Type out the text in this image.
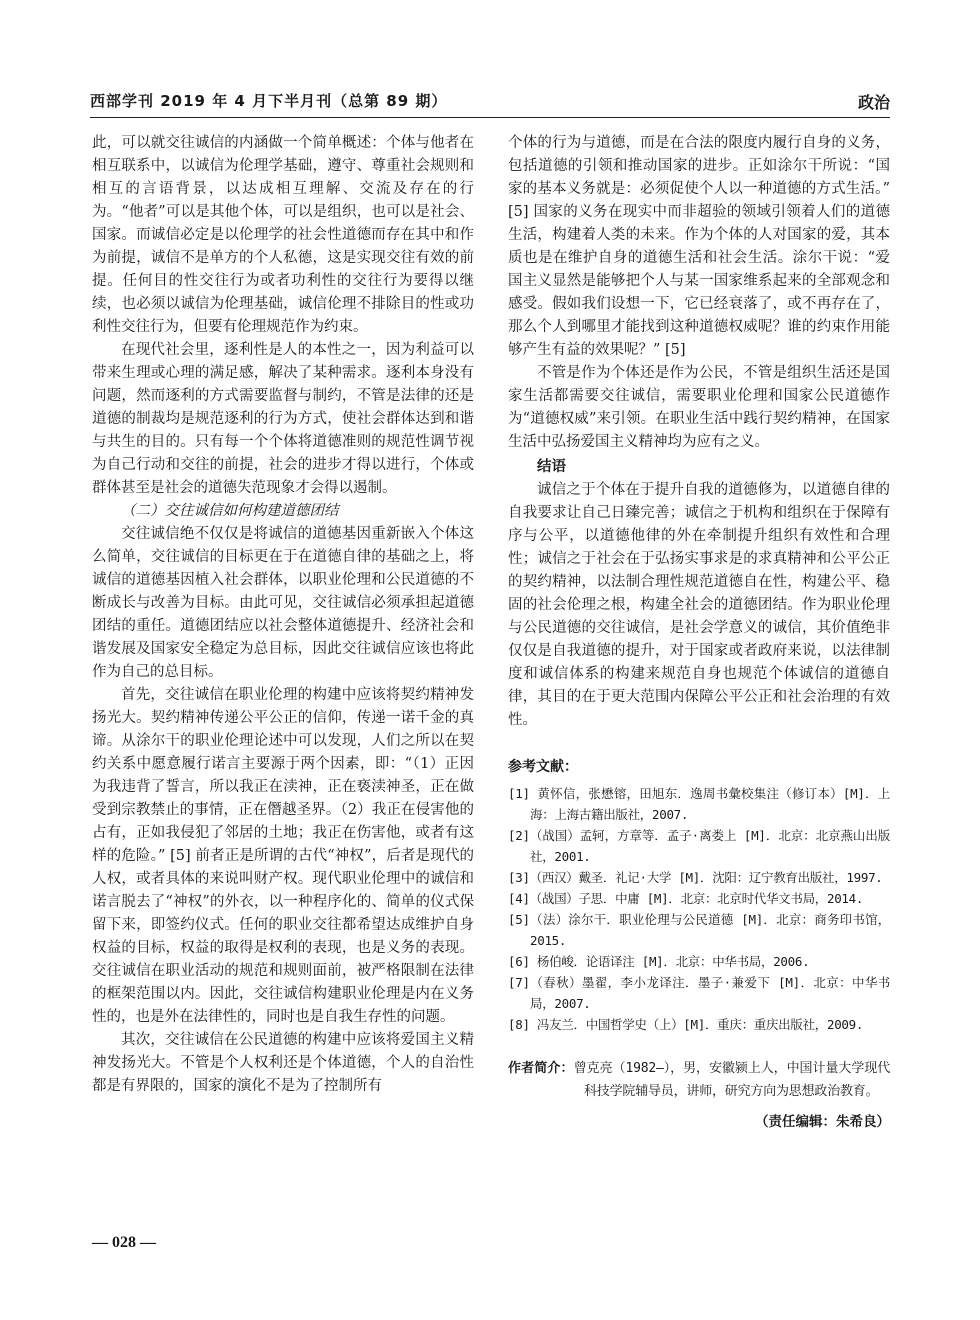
西部学刊 2019 年 4 月下半月刊（总第 89 期）	政治

此，可以就交往诚信的内涵做一个简单概述：个体与他者在相互联系中，以诚信为伦理学基础，遵守、尊重社会规则和相互的言语背景，以达成相互理解、交流及存在的行为。“他者”可以是其他个体，可以是组织，也可以是社会、国家。而诚信必定是以伦理学的社会性道德而存在其中和作为前提，诚信不是单方的个人私德，这是实现交往有效的前提。任何目的性交往行为或者功利性的交往行为要得以继续，也必须以诚信为伦理基础，诚信伦理不排除目的性或功利性交往行为，但要有伦理规范作为约束。

在现代社会里，逐利性是人的本性之一，因为利益可以带来生理或心理的满足感，解决了某种需求。逐利本身没有问题，然而逐利的方式需要监督与制约，不管是法律的还是道德的制裁均是规范逐利的行为方式，使社会群体达到和谐与共生的目的。只有每一个个体将道德准则的规范性调节视为自己行动和交往的前提，社会的进步才得以进行，个体或群体甚至是社会的道德失范现象才会得以遏制。

（二）交往诚信如何构建道德团结

交往诚信绝不仅仅是将诚信的道德基因重新嵌入个体这么简单，交往诚信的目标更在于在道德自律的基础之上，将诚信的道德基因植入社会群体，以职业伦理和公民道德的不断成长与改善为目标。由此可见，交往诚信必须承担起道德团结的重任。道德团结应以社会整体道德提升、经济社会和谐发展及国家安全稳定为总目标，因此交往诚信应该也将此作为自己的总目标。

首先，交往诚信在职业伦理的构建中应该将契约精神发扬光大。契约精神传递公平公正的信仰，传递一诺千金的真谛。从涂尔干的职业伦理论述中可以发现，人们之所以在契约关系中愿意履行诺言主要源于两个因素，即：“（1）正因为我违背了誓言，所以我正在渎神，正在亵渎神圣，正在做受到宗教禁止的事情，正在僭越圣界。（2）我正在侵害他的占有，正如我侵犯了邻居的土地；我正在伤害他，或者有这样的危险。” [5] 前者正是所谓的古代“神权”，后者是现代的人权，或者具体的来说叫财产权。现代职业伦理中的诚信和诺言脱去了“神权”的外衣，以一种程序化的、简单的仪式保留下来，即签约仪式。任何的职业交往都希望达成维护自身权益的目标，权益的取得是权利的表现，也是义务的表现。交往诚信在职业活动的规范和规则面前，被严格限制在法律的框架范围以内。因此，交往诚信构建职业伦理是内在义务性的，也是外在法律性的，同时也是自我生存性的问题。

其次，交往诚信在公民道德的构建中应该将爱国主义精神发扬光大。不管是个人权利还是个体道德，个人的自治性都是有界限的，国家的演化不是为了控制所有

个体的行为与道德，而是在合法的限度内履行自身的义务，包括道德的引领和推动国家的进步。正如涂尔干所说：“国家的基本义务就是：必须促使个人以一种道德的方式生活。” [5] 国家的义务在现实中而非超验的领域引领着人们的道德生活，构建着人类的未来。作为个体的人对国家的爱，其本质也是在维护自身的道德生活和社会生活。涂尔干说：“爱国主义显然是能够把个人与某一国家维系起来的全部观念和感受。假如我们设想一下，它已经衰落了，或不再存在了，那么个人到哪里才能找到这种道德权威呢？谁的约束作用能够产生有益的效果呢？” [5]

不管是作为个体还是作为公民，不管是组织生活还是国家生活都需要交往诚信，需要职业伦理和国家公民道德作为“道德权威”来引领。在职业生活中践行契约精神，在国家生活中弘扬爱国主义精神均为应有之义。

结语

诚信之于个体在于提升自我的道德修为，以道德自律的自我要求让自己日臻完善；诚信之于机构和组织在于保障有序与公平，以道德他律的外在牵制提升组织有效性和合理性；诚信之于社会在于弘扬实事求是的求真精神和公平公正的契约精神，以法制合理性规范道德自在性，构建公平、稳固的社会伦理之根，构建全社会的道德团结。作为职业伦理与公民道德的交往诚信，是社会学意义的诚信，其价值绝非仅仅是自我道德的提升，对于国家或者政府来说，以法律制度和诚信体系的构建来规范自身也规范个体诚信的道德自律，其目的在于更大范围内保障公平公正和社会治理的有效性。

参考文献：

[1] 黄怀信，张懋镕，田旭东．逸周书彙校集注（修订本）[M]．上海：上海古籍出版社，2007.
[2]（战国）孟轲，方章等．孟子·离娄上 [M]．北京：北京燕山出版社，2001.
[3]（西汉）戴圣．礼记·大学 [M]．沈阳：辽宁教育出版社，1997.
[4]（战国）子思．中庸 [M]．北京：北京时代华文书局，2014.
[5]（法）涂尔干．职业伦理与公民道德 [M]．北京：商务印书馆，2015.
[6] 杨伯峻．论语译注 [M]．北京：中华书局，2006.
[7]（春秋）墨翟，李小龙译注．墨子·兼爱下 [M]．北京：中华书局，2007.
[8] 冯友兰．中国哲学史（上）[M]．重庆：重庆出版社，2009.
作者简介：曾克亮（1982—），男，安徽颍上人，中国计量大学现代科技学院辅导员，讲师，研究方向为思想政治教育。
（责任编辑：朱希良）
— 028 —
